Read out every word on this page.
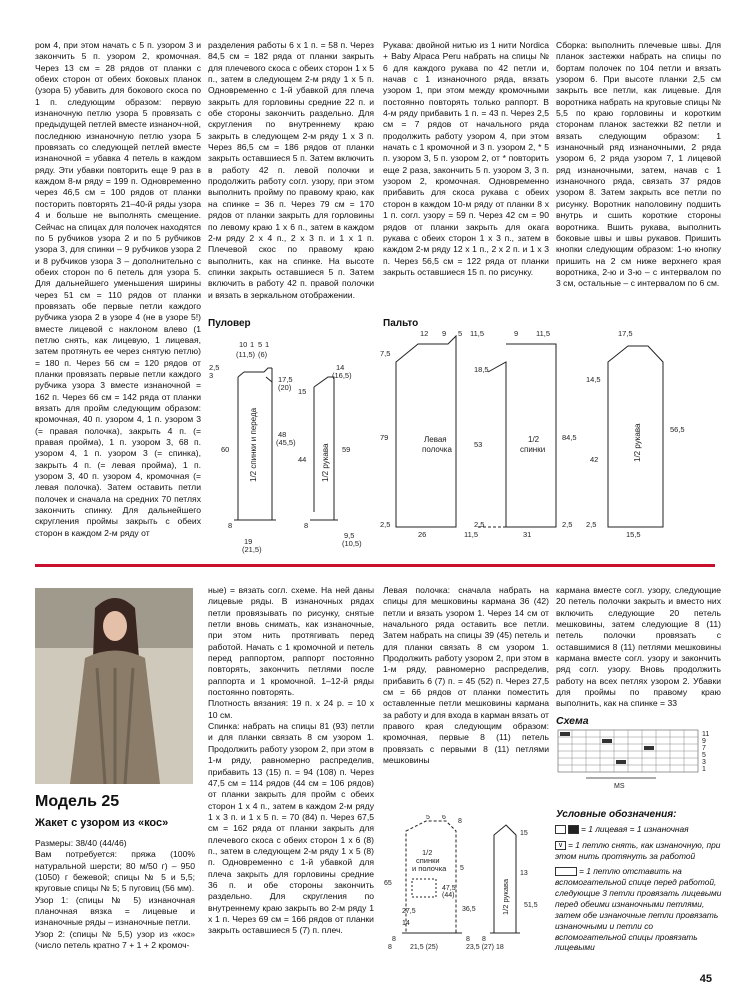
ром 4, при этом начать с 5 п. узором 3 и закончить 5 п. узором 2, кромочная. Через 13 см = 28 рядов от планки с обеих сторон от обеих боковых планок (узора 5) убавить для бокового скоса по 1 п. следующим образом: первую изнаночную петлю узора 5 провязать с предыдущей петлей вместе изнаноч-ной, последнюю изнаночную петлю узора 5 провязать со следующей петлей вместе изнаночной = убавка 4 петель в каждом ряду. Эти убавки повторить еще 9 раз в каждом 8-м ряду = 199 п. Одновременно через 46,5 см = 100 рядов от планки посторить повторять 21–40-й ряды узора 4 и больше не выполнять смещение. Сейчас на спицах для полочек находятся по 5 рубчиков узора 2 и по 5 рубчиков узора 3, для спинки – 9 рубчиков узора 2 и 8 рубчиков узора 3 – дополнительно с обеих сторон по 6 петель для узора 5. Для дальнейшего уменьшения ширины через 51 см = 110 рядов от планки провязать обе первые петли каждого рубчика узора 2 в узоре 4 (не в узоре 5!) вместе лицевой с наклоном влево (1 петлю снять, как лицевую, 1 лицевая, затем протянуть ее через снятую петлю) = 180 п. Через 56 см = 120 рядов от планки провязать первые петли каждого рубчика узора 3 вместе изнаночной = 162 п. Через 66 см = 142 ряда от планки вязать для пройм следующим образом: кромочная, 40 п. узором 4, 1 п. узором 3 (= правая полочка), закрыть 4 п. (= правая пройма), 1 п. узором 3, 68 п. узором 4, 1 п. узором 3 (= спинка), закрыть 4 п. (= левая пройма), 1 п. узором 3, 40 п. узором 4, кромочная (= левая полочка). Затем оставить петли полочек и сначала на средних 70 петлях закончить спинку. Для дальнейшего скругления проймы закрыть с обеих сторон в каждом 2-м ряду от
разделения работы 6 х 1 п. = 58 п. Через 84,5 см = 182 ряда от планки закрыть для плечевого скоса с обеих сторон 1 х 5 п., затем в следующем 2-м ряду 1 х 5 п. Одновременно с 1-й убавкой для плеча закрыть для горловины средние 22 п. и обе стороны закончить раздельно. Для скругления по внутреннему краю закрыть в следующем 2-м ряду 1 х 3 п. Через 86,5 см = 186 рядов от планки закрыть оставшиеся 5 п. Затем включить в работу 42 п. левой полочки и продолжить работу согл. узору, при этом выполнить пройму по правому краю, как на спинке = 36 п. Через 79 см = 170 рядов от планки закрыть для горловины по левому краю 1 х 6 п., затем в каждом 2-м ряду 2 х 4 п., 2 х 3 п. и 1 х 1 п. Плечевой скос по правому краю выполнить, как на спинке. На высоте спинки закрыть оставшиеся 5 п. Затем включить в работу 42 п. правой полочки и вязать в зеркальном отображении.
Рукава: двойной нитью из 1 нити Nordica + Baby Alpaca Peru набрать на спицы № 6 для каждого рукава по 42 петли и, начав с 1 изнаночного ряда, вязать узором 1, при этом между кромочными постоянно повторять только раппорт. В 4-м ряду прибавить 1 п. = 43 п. Через 2,5 см = 7 рядов от начального ряда продолжить работу узором 4, при этом начать с 1 кромочной и 3 п. узором 2, * 5 п. узором 3, 5 п. узором 2, от * повторить еще 2 раза, закончить 5 п. узором 3, 3 п. узором 2, кромочная. Одновременно прибавить для скоса рукава с обеих сторон в каждом 10-м ряду от планки 8 х 1 п. согл. узору = 59 п. Через 42 см = 90 рядов от планки закрыть для окага рукава с обеих сторон 1 х 3 п., затем в каждом 2-м ряду 12 х 1 п., 2 х 2 п. и 1 х 3 п. Через 56,5 см = 122 ряда от планки закрыть оставшиеся 15 п. по рисунку.
Сборка: выполнить плечевые швы. Для планок застежки набрать на спицы по бортам полочек по 104 петли и вязать узором 6. При высоте планки 2,5 см закрыть все петли, как лицевые. Для воротника набрать на круговые спицы № 5,5 по краю горловины и коротким сторонам планок застежки 82 петли и вязать следующим образом: 1 изнаночный ряд изнаночными, 2 ряда узором 6, 2 ряда узором 7, 1 лицевой ряд изнаночными, затем, начав с 1 изнаночного ряда, связать 37 рядов узором 8. Затем закрыть все петли по рисунку. Воротник наполовину подшить внутрь и сшить короткие стороны воротника. Вшить рукава, выполнить боковые швы и швы рукавов. Пришить кнопки следующим образом: 1-ю кнопку пришить на 2 см ниже верхнего края воротника, 2-ю и 3-ю – с интервалом по 3 см, остальные – с интервалом по 6 см.
Пуловер	Пальто
10 1 5 1
(11,5) (6)
2,5
3	17,5
(20)
60
48
(45,5)
8
19
(21,5)
14
(16,5)
15
44
59
8
9,5
(10,5)
1/2 спинки и переда	1/2 рукава
12 9 5 11,5	9 11,5
7,5
79
2,5
18,5
53
2,5
84,5
2,5
26	11,5	31
17,5
14,5
56,5
42
2,5
15,5
Левая
полочка
1/2
спинки	1/2 рукава
Модель 25
Жакет с узором из «кос»
Размеры: 38/40 (44/46)
Вам потребуется: пряжа (100% натуральной шерсти; 80 м/50 г) – 950 (1050) г бежевой; спицы № 5 и 5,5; круговые спицы № 5; 5 пуговиц (56 мм).
Узор 1: (спицы № 5) изнаночная планочная вязка = лицевые и изнаночные ряды – изнаночные петли.
Узор 2: (спицы № 5,5) узор из «кос» (число петель кратно 7 + 1 + 2 кромоч-
ные) = вязать согл. схеме. На ней даны лицевые ряды. В изнаночных рядах петли провязывать по рисунку, снятые петли вновь снимать, как изнаночные, при этом нить протягивать перед работой. Начать с 1 кромочной и петель перед раппортом, раппорт постоянно повторять, закончить петлями после раппорта и 1 кромочной. 1–12-й ряды постоянно повторять.
Плотность вязания: 19 п. х 24 р. = 10 х 10 см.
Спинка: набрать на спицы 81 (93) петли и для планки связать 8 см узором 1. Продолжить работу узором 2, при этом в 1-м ряду, равномерно распределив, прибавить 13 (15) п. = 94 (108) п. Через 47,5 см = 114 рядов (44 см = 106 рядов) от планки закрыть для пройм с обеих сторон 1 х 4 п., затем в каждом 2-м ряду 1 х 3 п. и 1 х 5 п. = 70 (84) п. Через 67,5 см = 162 ряда от планки закрыть для плечевого скоса с обеих сторон 1 х 6 (8) п., затем в следующем 2-м ряду 1 х 5 (8) п. Одновременно с 1-й убавкой для плеча закрыть для горловины средние 36 п. и обе стороны закончить раздельно. Для скругления по внутреннему краю закрыть во 2-м ряду 1 х 1 п. Через 69 см = 166 рядов от планки закрыть оставшиеся 5 (7) п. плеч.
Левая полочка: сначала набрать на спицы для мешковины кармана 36 (42) петли и вязать узором 1. Через 14 см от начального ряда оставить все петли. Затем набрать на спицы 39 (45) петель и для планки связать 8 см узором 1. Продолжить работу узором 2, при этом в 1-м ряду, равномерно распределив, прибавить 6 (7) п. = 45 (52) п. Через 27,5 см = 66 рядов от планки поместить оставленные петли мешковины кармана за работу и для входа в карман вязать от правого края следующим образом: кромочная, первые 8 (11) петель провязать с первыми 8 (11) петлями мешковины
кармана вместе согл. узору, следующие 20 петель полочки закрыть и вместо них включить следующие 20 петель мешковины, затем следующие 8 (11) петель полочки провязать с оставшимися 8 (11) петлями мешковины кармана вместе согл. узору и закончить ряд согл. узору. Вновь продолжить работу на всех петлях узором 2. Убавки для проймы по правому краю выполнить, как на спинке = 33
5 6
8
65
8
5
47,5
(44)
36,5
27,5
14
21,5 (25)
8	23,5 (27)
8
18
8
15
13
51,5
1/2
спинки
и полочка
1/2 рукава
Схема
11
9
7
5
3
1
MS
Условные обозначения:
= 1 лицевая = 1 изнаночная
∨ = 1 петлю снять, как изнаночную, при этом нить протянуть за работой
= 1 петлю отставить на вспомогательной спице перед работой, следующие 3 петли провязать лицевыми перед обеими изнаночными петлями, затем обе изнаночные петли провязать изнаночными и петли со вспомогательной спицы провязать лицевыми
45
